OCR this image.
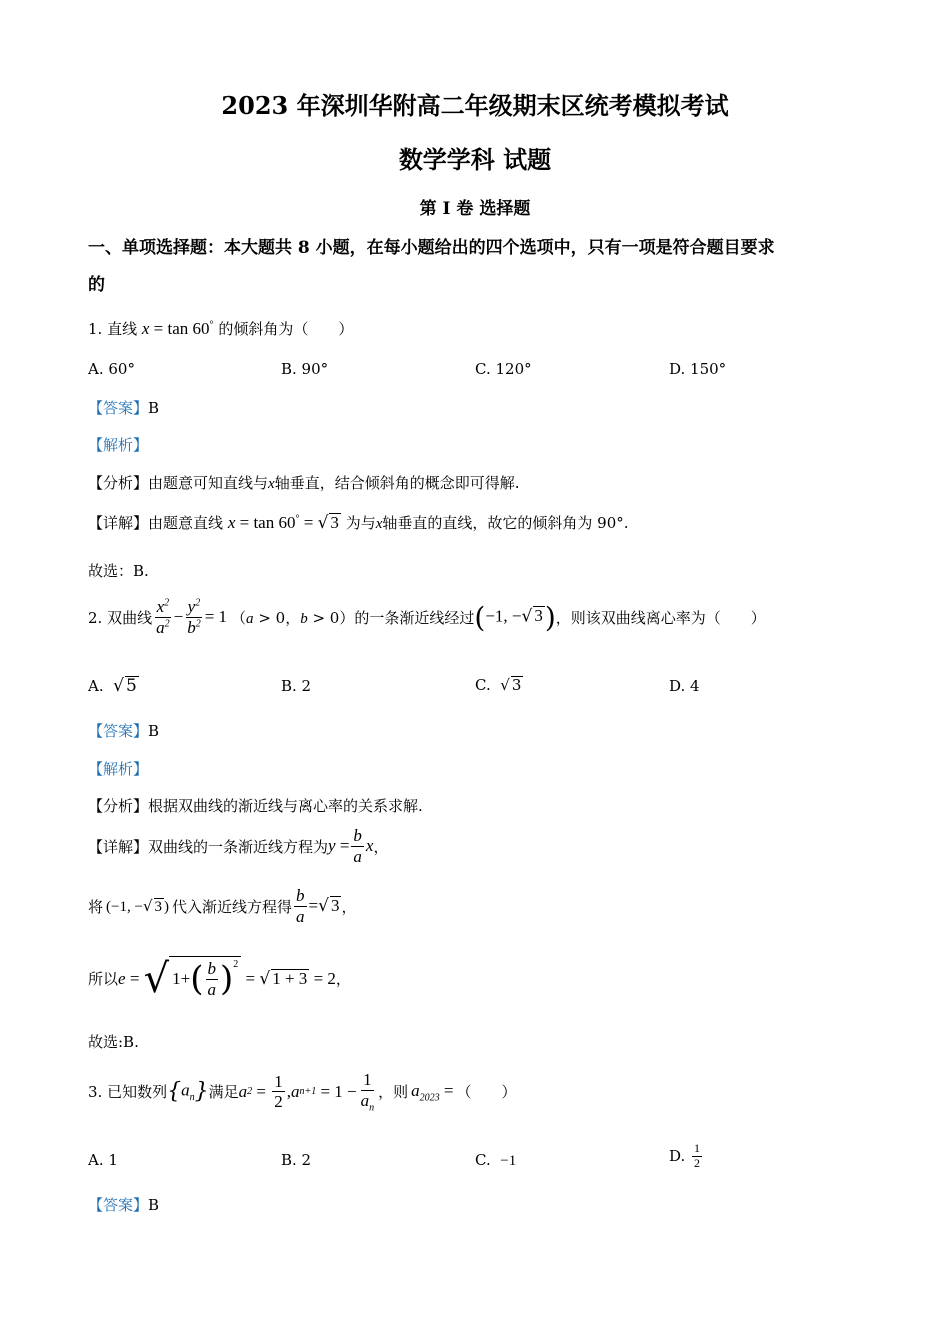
2023 年深圳华附高二年级期末区统考模拟考试
数学学科 试题
第 I 卷 选择题
一、单项选择题：本大题共 8 小题，在每小题给出的四个选项中，只有一项是符合题目要求
的
1. 直线 x = tan 60° 的倾斜角为（　　）
A. 60°	B. 90°	C. 120°	D. 150°
【答案】B
【解析】
【分析】由题意可知直线与x轴垂直，结合倾斜角的概念即可得解.
【详解】由题意直线 x = tan 60° = √ 3 为与x轴垂直的直线，故它的倾斜角为 90°.
故选：B.
2. 双曲线 $\frac{x^2}{a^2} - \frac{y^2}{b^2} = 1$ （a > 0，b > 0） 的一条渐近线经过 (−1, −√ 3) ，则该双曲线离心率为（　　）
A.  √ 5	B. 2	C.  √ 3	D. 4
【答案】B
【解析】
【分析】根据双曲线的渐近线与离心率的关系求解.
【详解】 双曲线的一条渐近线方程为 $y = \frac{b}{a}$ x ，
将 (−1, −√ 3 ) 代入渐近线方程得 $\frac{b}{a}$ = √ 3 ，
所以 e = √ 1+ ( $\frac{b}{a} )^2$
= √ 1 + 3 = 2 ，
故选:B.
3. 已知数列 $\{a_n\}$ 满足 a $2 = \frac{1}{2}$ , a $n+1 = 1 - \frac{1}{a_n}$ ，则 $a_{2023}$ = （　　）
A. 1	B. 2	C.  −1	D. $\frac{1}{2}$
【答案】B
